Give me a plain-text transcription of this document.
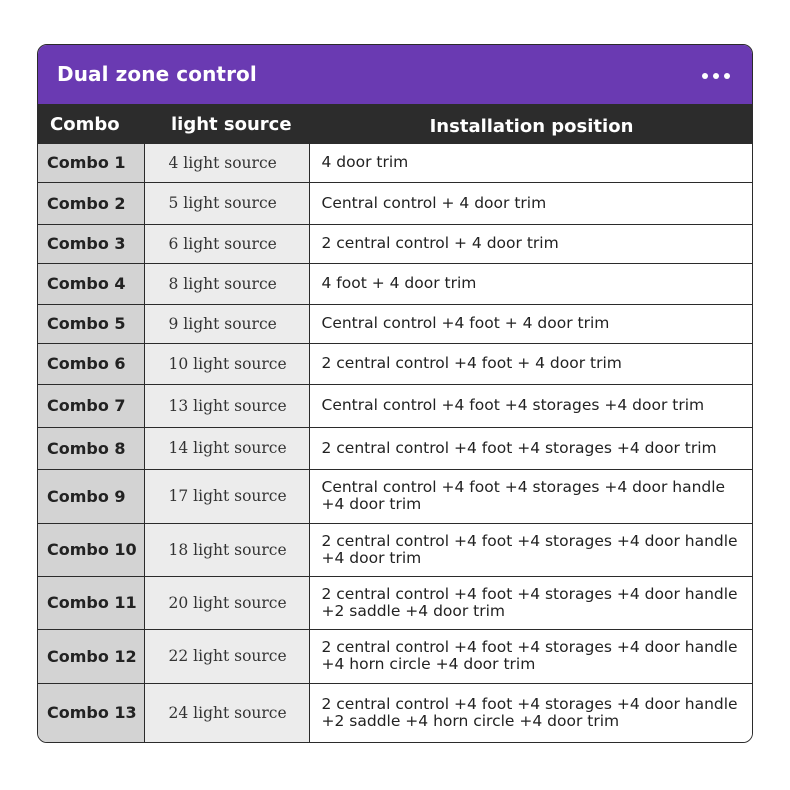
Dual zone control
Combo	light source	Installation position
Combo 1	4 light source	4 door trim
Combo 2	5 light source	Central control + 4 door trim
Combo 3	6 light source	2 central control + 4 door trim
Combo 4	8 light source	4 foot + 4 door trim
Combo 5	9 light source	Central control +4 foot + 4 door trim
Combo 6	10 light source	2 central control +4 foot + 4 door trim
Combo 7	13 light source	Central control +4 foot +4 storages +4 door trim
Combo 8	14 light source	2 central control +4 foot +4 storages +4 door trim
Combo 9	17 light source	Central control +4 foot +4 storages +4 door handle +4 door trim
Combo 10	18 light source	2 central control +4 foot +4 storages +4 door handle +4 door trim
Combo 11	20 light source	2 central control +4 foot +4 storages +4 door handle +2 saddle +4 door trim
Combo 12	22 light source	2 central control +4 foot +4 storages +4 door handle +4 horn circle +4 door trim
Combo 13	24 light source	2 central control +4 foot +4 storages +4 door handle +2 saddle +4 horn circle +4 door trim
